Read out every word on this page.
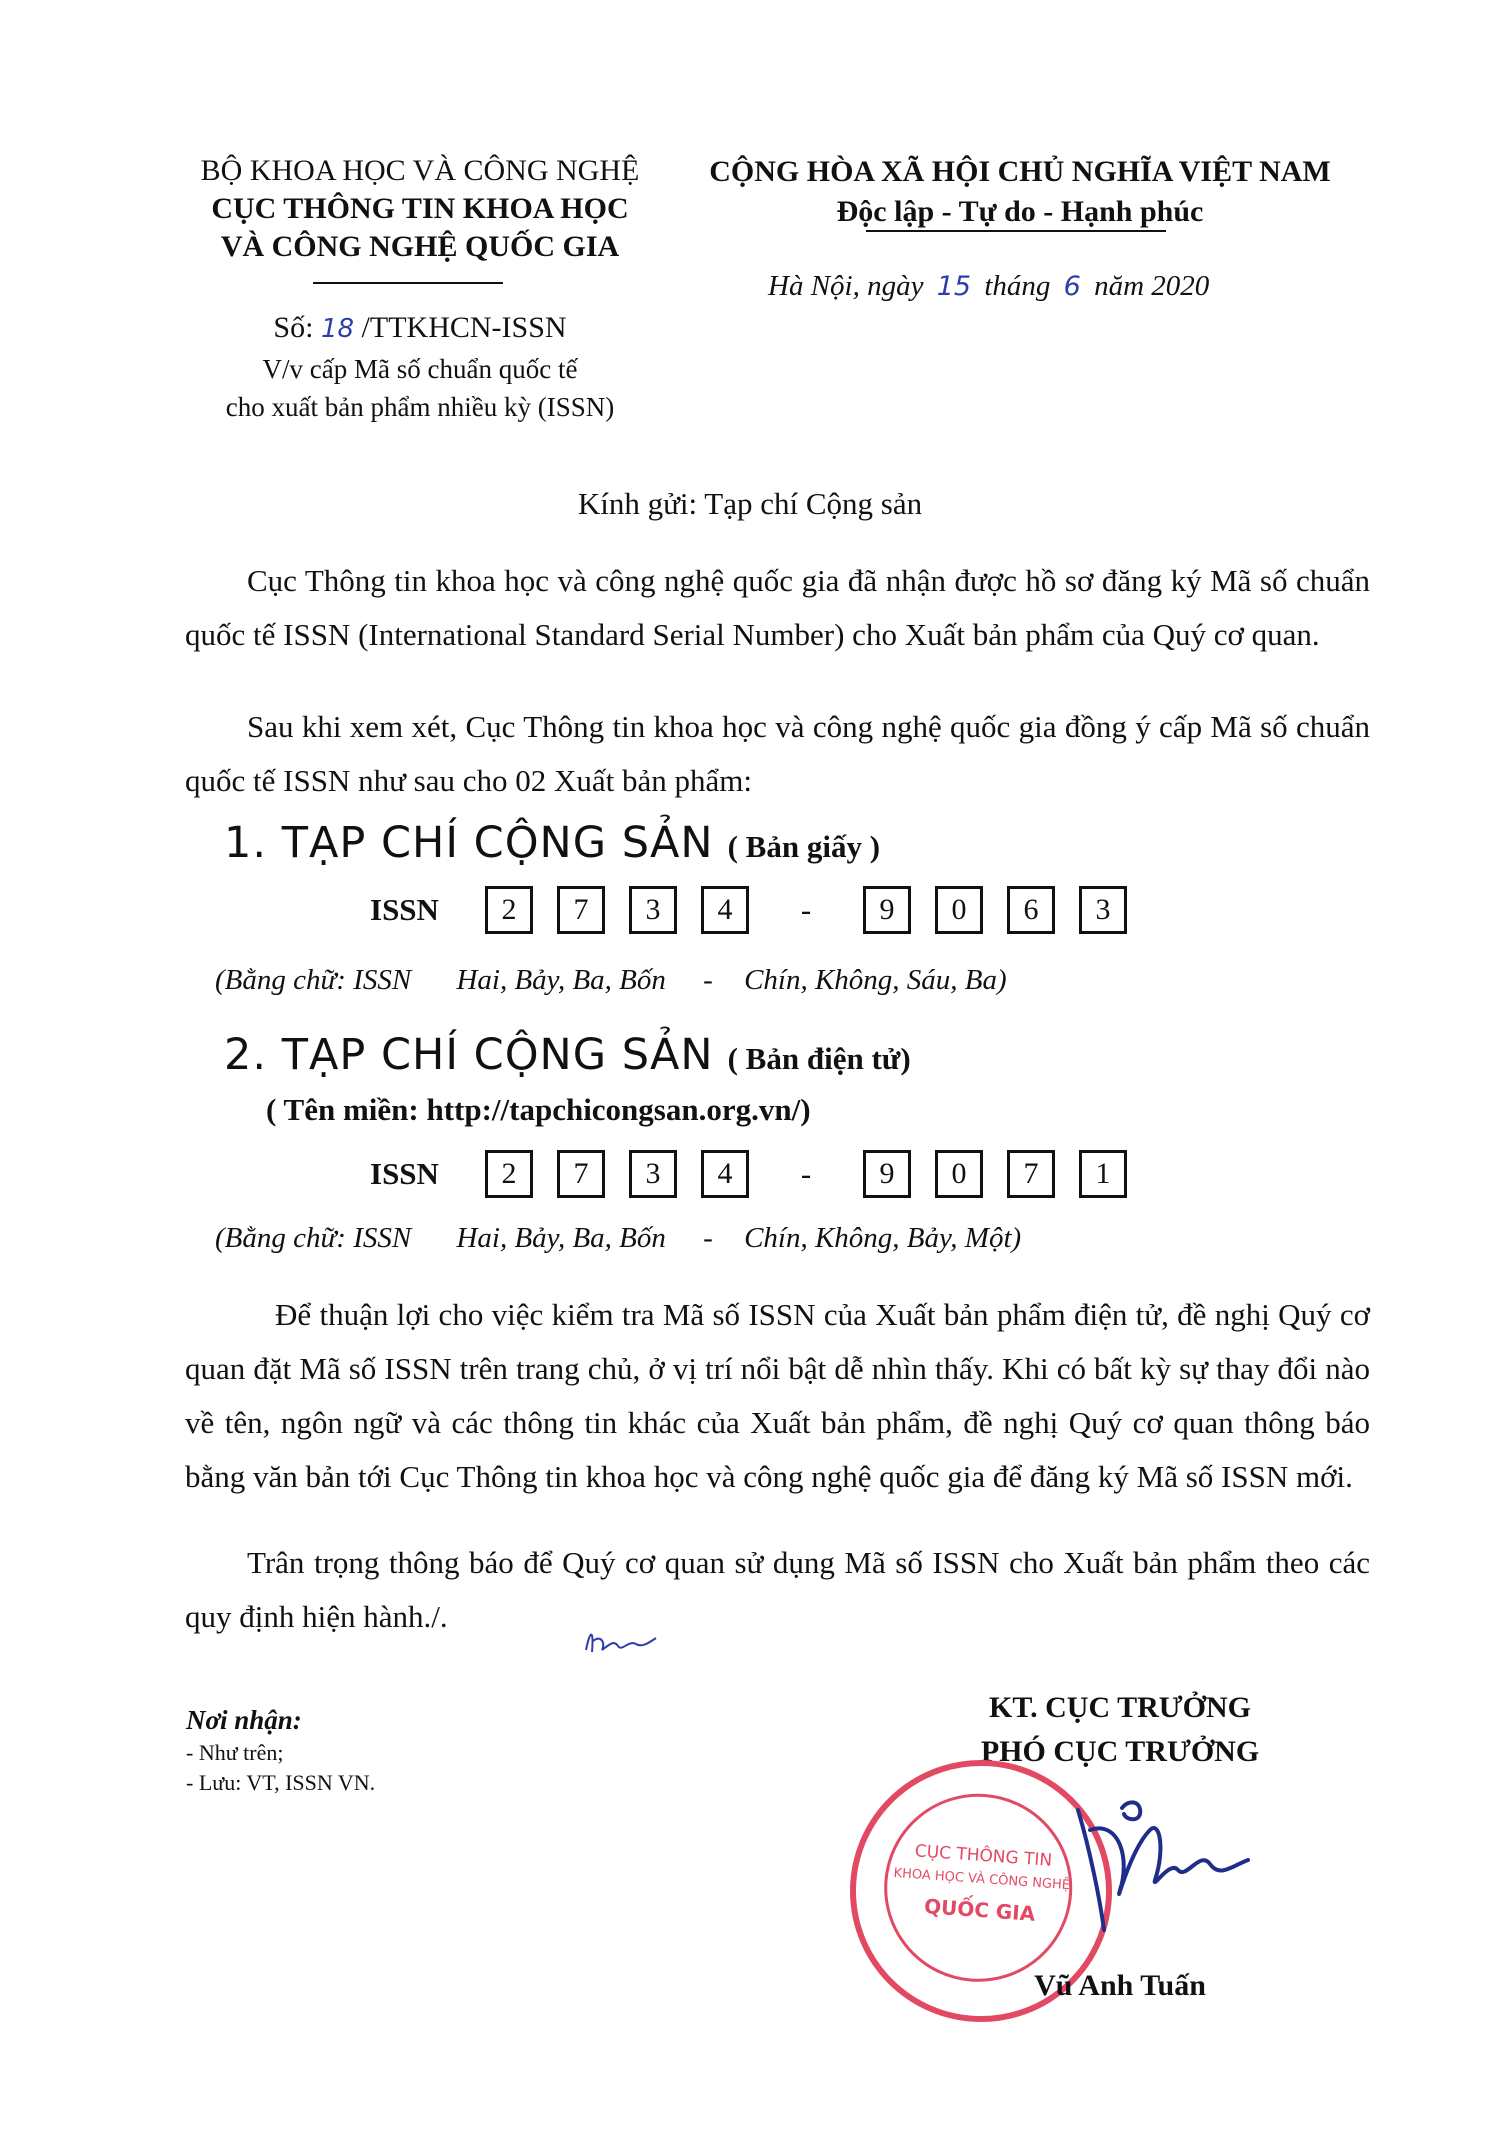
BỘ KHOA HỌC VÀ CÔNG NGHỆ
CỤC THÔNG TIN KHOA HỌC
VÀ CÔNG NGHỆ QUỐC GIA
Số: 18 /TTKHCN-ISSN
V/v cấp Mã số chuẩn quốc tế
cho xuất bản phẩm nhiều kỳ (ISSN)
CỘNG HÒA XÃ HỘI CHỦ NGHĨA VIỆT NAM
Độc lập - Tự do - Hạnh phúc
Hà Nội, ngày 15 tháng 6 năm 2020
Kính gửi: Tạp chí Cộng sản
Cục Thông tin khoa học và công nghệ quốc gia đã nhận được hồ sơ đăng ký Mã số chuẩn quốc tế ISSN (International Standard Serial Number) cho Xuất bản phẩm của Quý cơ quan.
Sau khi xem xét, Cục Thông tin khoa học và công nghệ quốc gia đồng ý cấp Mã số chuẩn quốc tế ISSN như sau cho 02 Xuất bản phẩm:
1. TẠP CHÍ CỘNG SẢN ( Bản giấy )
ISSN	2	7	3	4	-	9	0	6	3
(Bằng chữ: ISSN Hai, Bảy, Ba, Bốn - Chín, Không, Sáu, Ba)
2. TẠP CHÍ CỘNG SẢN ( Bản điện tử)
( Tên miền: http://tapchicongsan.org.vn/)
ISSN	2	7	3	4	-	9	0	7	1
(Bằng chữ: ISSN Hai, Bảy, Ba, Bốn - Chín, Không, Bảy, Một)
Để thuận lợi cho việc kiểm tra Mã số ISSN của Xuất bản phẩm điện tử, đề nghị Quý cơ quan đặt Mã số ISSN trên trang chủ, ở vị trí nổi bật dễ nhìn thấy. Khi có bất kỳ sự thay đổi nào về tên, ngôn ngữ và các thông tin khác của Xuất bản phẩm, đề nghị Quý cơ quan thông báo bằng văn bản tới Cục Thông tin khoa học và công nghệ quốc gia để đăng ký Mã số ISSN mới.
Trân trọng thông báo để Quý cơ quan sử dụng Mã số ISSN cho Xuất bản phẩm theo các quy định hiện hành./.
Nơi nhận:
- Như trên;
- Lưu: VT, ISSN VN.
KT. CỤC TRƯỞNG
PHÓ CỤC TRƯỞNG
CỤC THÔNG TIN
KHOA HỌC VÀ CÔNG NGHỆ
QUỐC GIA
Vũ Anh Tuấn
